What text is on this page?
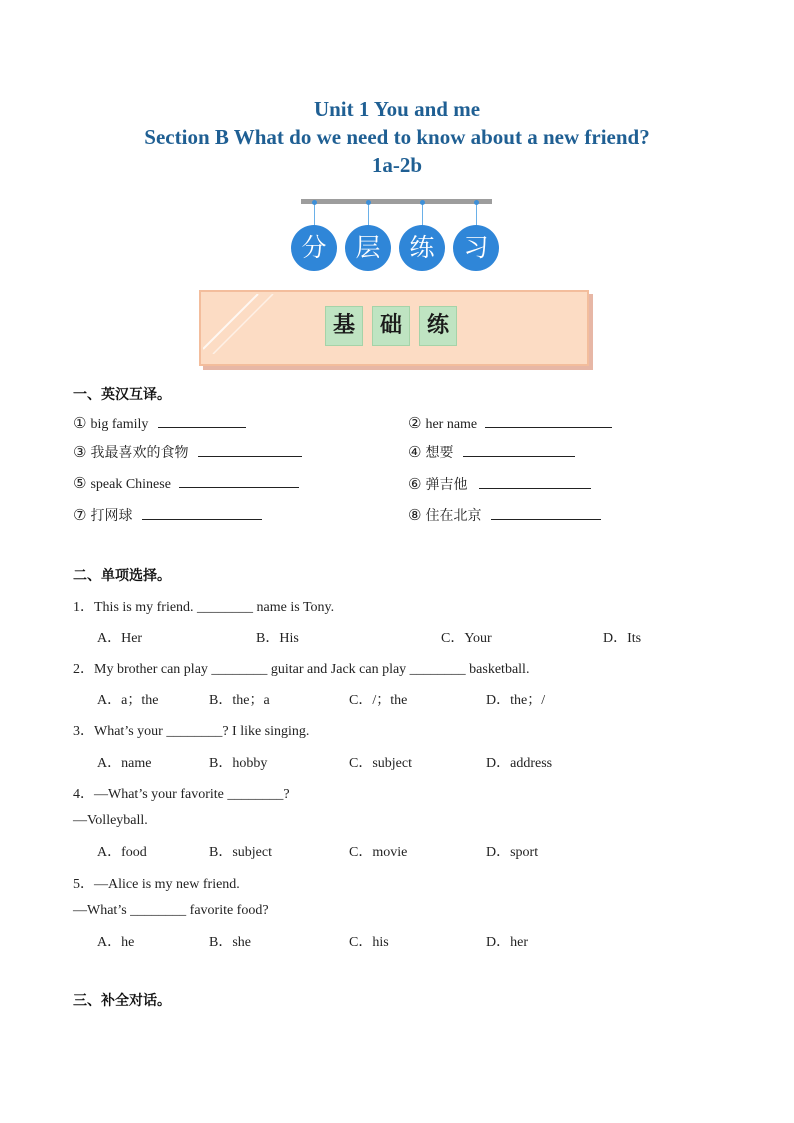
Unit 1 You and me
Section B What do we need to know about a new friend?
1a-2b
分	层	练	习
基	础	练
一、英汉互译。
① big family	② her name
③ 我最喜欢的食物	④ 想要
⑤ speak Chinese	⑥ 弹吉他
⑦ 打网球	⑧ 住在北京
二、单项选择。
1．This is my friend. ________ name is Tony.
A．Her	B．His	C．Your	D．Its
2．My brother can play ________ guitar and Jack can play ________ basketball.
A．a；the	B．the；a	C．/；the	D．the；/
3．What’s your ________? I like singing.
A．name	B．hobby	C．subject	D．address
4．—What’s your favorite ________?
—Volleyball.
A．food	B．subject	C．movie	D．sport
5．—Alice is my new friend.
—What’s ________ favorite food?
A．he	B．she	C．his	D．her
三、补全对话。
